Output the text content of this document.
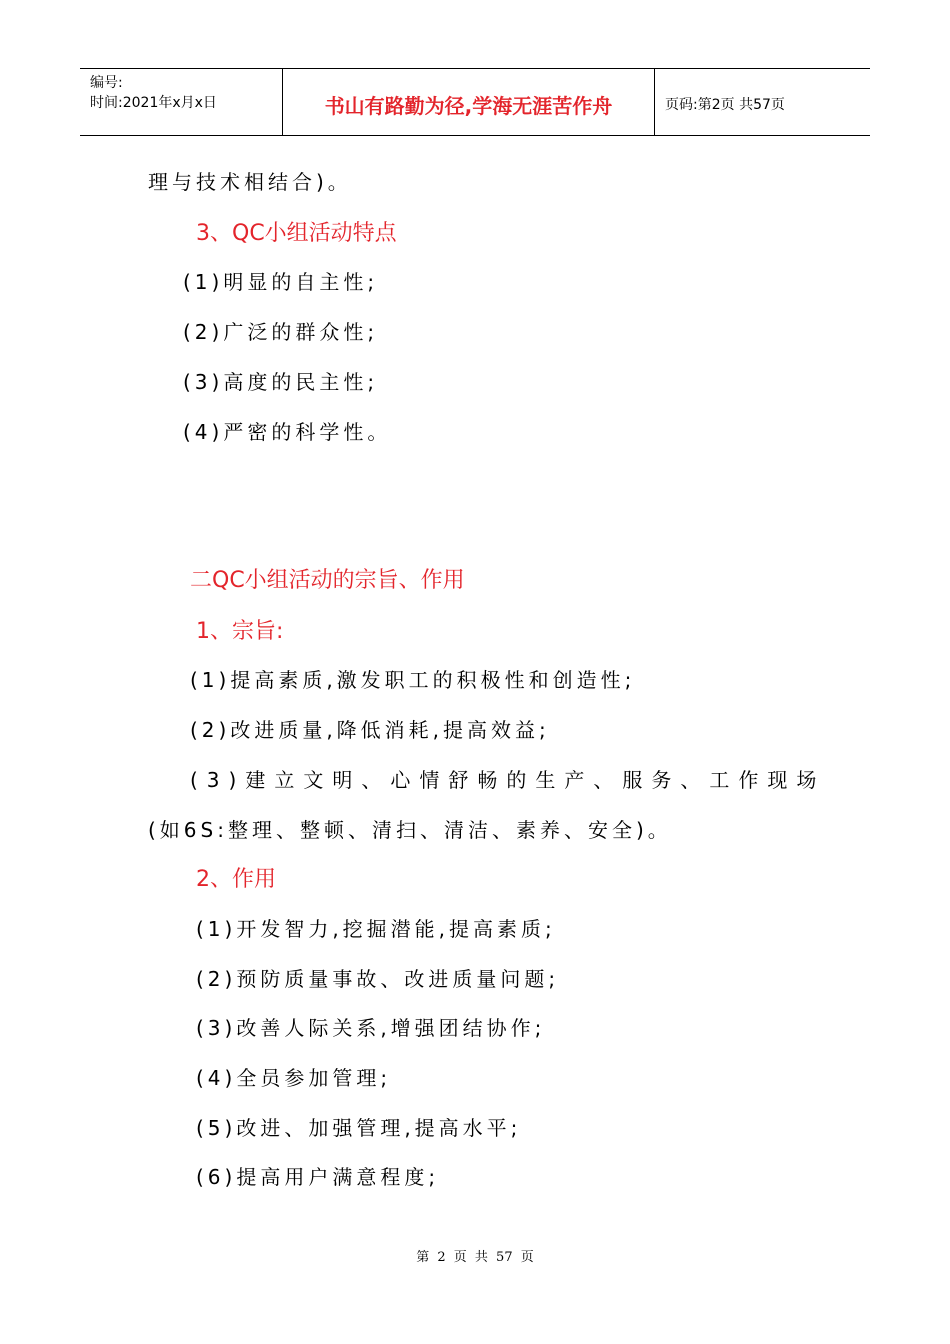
编号:
时间:2021年x月x日	书山有路勤为径,学海无涯苦作舟	页码:第2页 共57页
理与技术相结合)。
3、QC小组活动特点
(1)明显的自主性;
(2)广泛的群众性;
(3)高度的民主性;
(4)严密的科学性。
二QC小组活动的宗旨、作用
1、宗旨:
(1)提高素质,激发职工的积极性和创造性;
(2)改进质量,降低消耗,提高效益;
(3)建立文明、心情舒畅的生产、服务、工作现场
(如6S:整理、整顿、清扫、清洁、素养、安全)。
2、作用
(1)开发智力,挖掘潜能,提高素质;
(2)预防质量事故、改进质量问题;
(3)改善人际关系,增强团结协作;
(4)全员参加管理;
(5)改进、加强管理,提高水平;
(6)提高用户满意程度;
第 2 页 共 57 页
